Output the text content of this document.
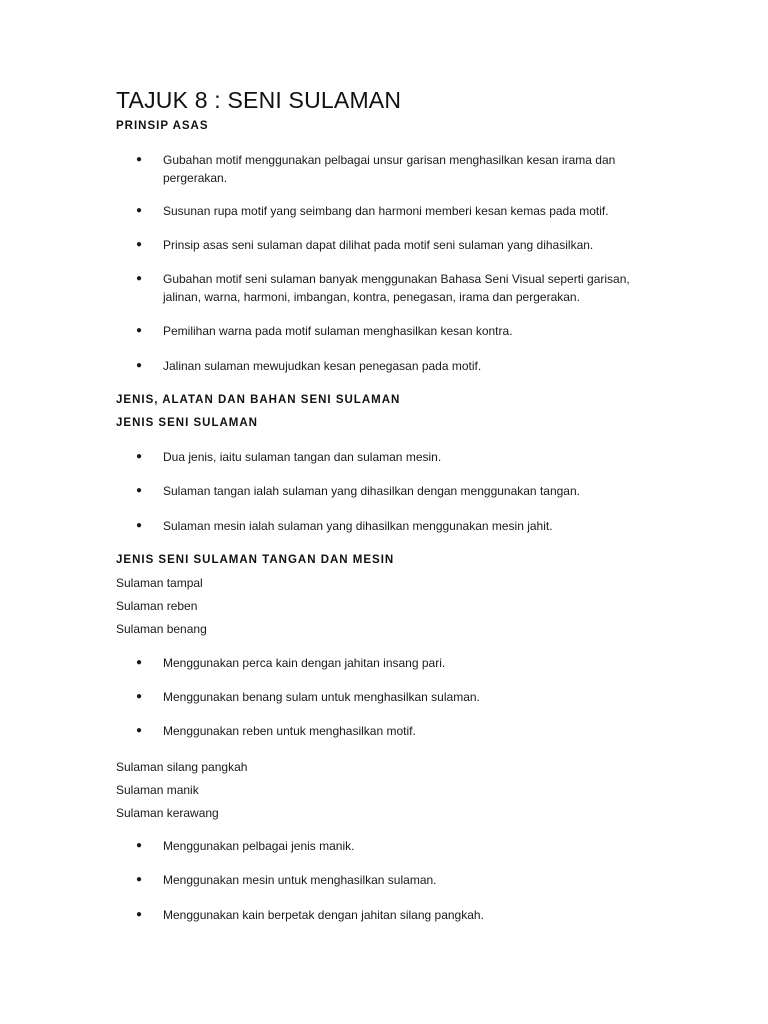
TAJUK 8 : SENI SULAMAN
PRINSIP ASAS
●	Gubahan motif menggunakan pelbagai unsur garisan menghasilkan kesan irama dan pergerakan.
●	Susunan rupa motif yang seimbang dan harmoni memberi kesan kemas pada motif.
●	Prinsip asas seni sulaman dapat dilihat pada motif seni sulaman yang dihasilkan.
●	Gubahan motif seni sulaman banyak menggunakan Bahasa Seni Visual seperti garisan, jalinan, warna, harmoni, imbangan, kontra, penegasan, irama dan pergerakan.
●	Pemilihan warna pada motif sulaman menghasilkan kesan kontra.
●	Jalinan sulaman mewujudkan kesan penegasan pada motif.
JENIS, ALATAN DAN BAHAN SENI SULAMAN
JENIS SENI SULAMAN
●	Dua jenis, iaitu sulaman tangan dan sulaman mesin.
●	Sulaman tangan ialah sulaman yang dihasilkan dengan menggunakan tangan.
●	Sulaman mesin ialah sulaman yang dihasilkan menggunakan mesin jahit.
JENIS SENI SULAMAN TANGAN DAN MESIN

Sulaman tampal

Sulaman reben

Sulaman benang

●	Menggunakan perca kain dengan jahitan insang pari.
●	Menggunakan benang sulam untuk menghasilkan sulaman.
●	Menggunakan reben untuk menghasilkan motif.

Sulaman silang pangkah

Sulaman manik

Sulaman kerawang

●	Menggunakan pelbagai jenis manik.
●	Menggunakan mesin untuk menghasilkan sulaman.
●	Menggunakan kain berpetak dengan jahitan silang pangkah.
